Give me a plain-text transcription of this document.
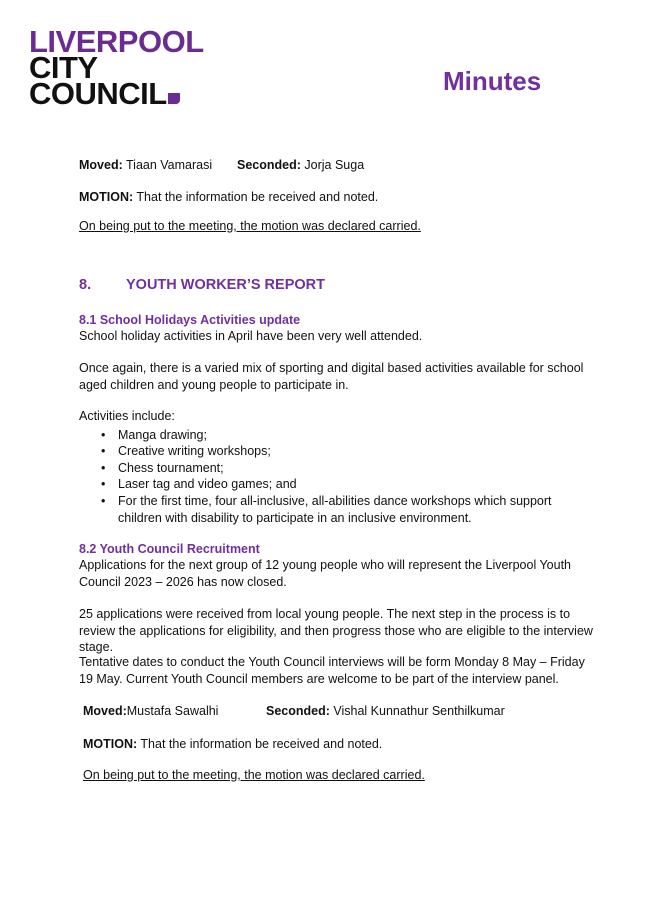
LIVERPOOL
CITY
COUNCIL	Minutes
Moved: Tiaan Vamarasi Seconded: Jorja Suga
MOTION: That the information be received and noted.
On being put to the meeting, the motion was declared carried.
8. YOUTH WORKER’S REPORT
8.1 School Holidays Activities update
School holiday activities in April have been very well attended.
Once again, there is a varied mix of sporting and digital based activities available for school aged children and young people to participate in.
Activities include:
• Manga drawing;
• Creative writing workshops;
• Chess tournament;
• Laser tag and video games; and
• For the first time, four all-inclusive, all-abilities dance workshops which support children with disability to participate in an inclusive environment.
8.2 Youth Council Recruitment
Applications for the next group of 12 young people who will represent the Liverpool Youth Council 2023 – 2026 has now closed.
25 applications were received from local young people. The next step in the process is to review the applications for eligibility, and then progress those who are eligible to the interview stage.
Tentative dates to conduct the Youth Council interviews will be form Monday 8 May – Friday 19 May. Current Youth Council members are welcome to be part of the interview panel.
Moved:Mustafa Sawalhi	Seconded: Vishal Kunnathur Senthilkumar
MOTION: That the information be received and noted.
On being put to the meeting, the motion was declared carried.
